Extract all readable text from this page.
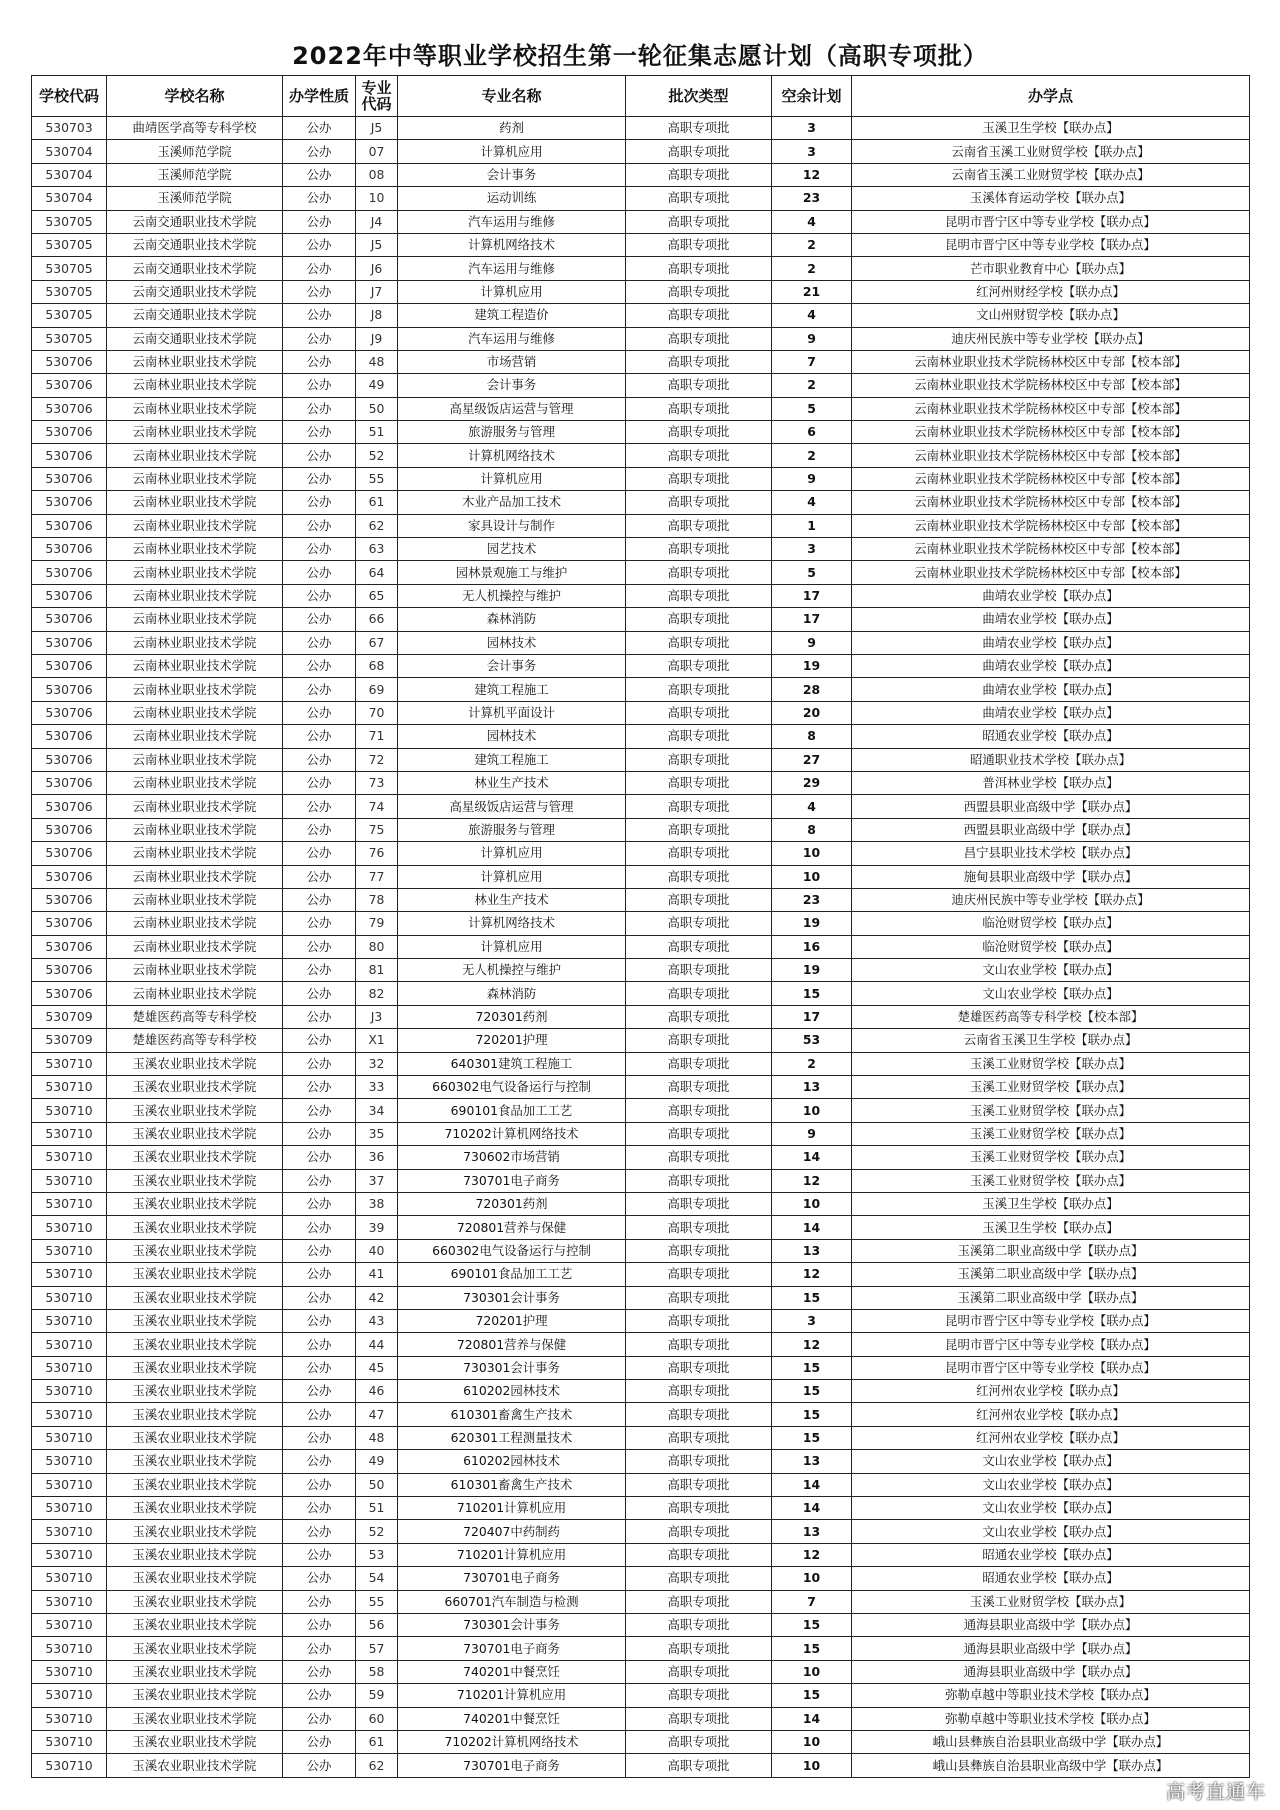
2022年中等职业学校招生第一轮征集志愿计划（高职专项批）
学校代码	学校名称	办学性质	专业
代码	专业名称	批次类型	空余计划	办学点
530703	曲靖医学高等专科学校	公办	J5	药剂	高职专项批	3	玉溪卫生学校【联办点】
530704	玉溪师范学院	公办	07	计算机应用	高职专项批	3	云南省玉溪工业财贸学校【联办点】
530704	玉溪师范学院	公办	08	会计事务	高职专项批	12	云南省玉溪工业财贸学校【联办点】
530704	玉溪师范学院	公办	10	运动训练	高职专项批	23	玉溪体育运动学校【联办点】
530705	云南交通职业技术学院	公办	J4	汽车运用与维修	高职专项批	4	昆明市晋宁区中等专业学校【联办点】
530705	云南交通职业技术学院	公办	J5	计算机网络技术	高职专项批	2	昆明市晋宁区中等专业学校【联办点】
530705	云南交通职业技术学院	公办	J6	汽车运用与维修	高职专项批	2	芒市职业教育中心【联办点】
530705	云南交通职业技术学院	公办	J7	计算机应用	高职专项批	21	红河州财经学校【联办点】
530705	云南交通职业技术学院	公办	J8	建筑工程造价	高职专项批	4	文山州财贸学校【联办点】
530705	云南交通职业技术学院	公办	J9	汽车运用与维修	高职专项批	9	迪庆州民族中等专业学校【联办点】
530706	云南林业职业技术学院	公办	48	市场营销	高职专项批	7	云南林业职业技术学院杨林校区中专部【校本部】
530706	云南林业职业技术学院	公办	49	会计事务	高职专项批	2	云南林业职业技术学院杨林校区中专部【校本部】
530706	云南林业职业技术学院	公办	50	高星级饭店运营与管理	高职专项批	5	云南林业职业技术学院杨林校区中专部【校本部】
530706	云南林业职业技术学院	公办	51	旅游服务与管理	高职专项批	6	云南林业职业技术学院杨林校区中专部【校本部】
530706	云南林业职业技术学院	公办	52	计算机网络技术	高职专项批	2	云南林业职业技术学院杨林校区中专部【校本部】
530706	云南林业职业技术学院	公办	55	计算机应用	高职专项批	9	云南林业职业技术学院杨林校区中专部【校本部】
530706	云南林业职业技术学院	公办	61	木业产品加工技术	高职专项批	4	云南林业职业技术学院杨林校区中专部【校本部】
530706	云南林业职业技术学院	公办	62	家具设计与制作	高职专项批	1	云南林业职业技术学院杨林校区中专部【校本部】
530706	云南林业职业技术学院	公办	63	园艺技术	高职专项批	3	云南林业职业技术学院杨林校区中专部【校本部】
530706	云南林业职业技术学院	公办	64	园林景观施工与维护	高职专项批	5	云南林业职业技术学院杨林校区中专部【校本部】
530706	云南林业职业技术学院	公办	65	无人机操控与维护	高职专项批	17	曲靖农业学校【联办点】
530706	云南林业职业技术学院	公办	66	森林消防	高职专项批	17	曲靖农业学校【联办点】
530706	云南林业职业技术学院	公办	67	园林技术	高职专项批	9	曲靖农业学校【联办点】
530706	云南林业职业技术学院	公办	68	会计事务	高职专项批	19	曲靖农业学校【联办点】
530706	云南林业职业技术学院	公办	69	建筑工程施工	高职专项批	28	曲靖农业学校【联办点】
530706	云南林业职业技术学院	公办	70	计算机平面设计	高职专项批	20	曲靖农业学校【联办点】
530706	云南林业职业技术学院	公办	71	园林技术	高职专项批	8	昭通农业学校【联办点】
530706	云南林业职业技术学院	公办	72	建筑工程施工	高职专项批	27	昭通职业技术学校【联办点】
530706	云南林业职业技术学院	公办	73	林业生产技术	高职专项批	29	普洱林业学校【联办点】
530706	云南林业职业技术学院	公办	74	高星级饭店运营与管理	高职专项批	4	西盟县职业高级中学【联办点】
530706	云南林业职业技术学院	公办	75	旅游服务与管理	高职专项批	8	西盟县职业高级中学【联办点】
530706	云南林业职业技术学院	公办	76	计算机应用	高职专项批	10	昌宁县职业技术学校【联办点】
530706	云南林业职业技术学院	公办	77	计算机应用	高职专项批	10	施甸县职业高级中学【联办点】
530706	云南林业职业技术学院	公办	78	林业生产技术	高职专项批	23	迪庆州民族中等专业学校【联办点】
530706	云南林业职业技术学院	公办	79	计算机网络技术	高职专项批	19	临沧财贸学校【联办点】
530706	云南林业职业技术学院	公办	80	计算机应用	高职专项批	16	临沧财贸学校【联办点】
530706	云南林业职业技术学院	公办	81	无人机操控与维护	高职专项批	19	文山农业学校【联办点】
530706	云南林业职业技术学院	公办	82	森林消防	高职专项批	15	文山农业学校【联办点】
530709	楚雄医药高等专科学校	公办	J3	720301药剂	高职专项批	17	楚雄医药高等专科学校【校本部】
530709	楚雄医药高等专科学校	公办	X1	720201护理	高职专项批	53	云南省玉溪卫生学校【联办点】
530710	玉溪农业职业技术学院	公办	32	640301建筑工程施工	高职专项批	2	玉溪工业财贸学校【联办点】
530710	玉溪农业职业技术学院	公办	33	660302电气设备运行与控制	高职专项批	13	玉溪工业财贸学校【联办点】
530710	玉溪农业职业技术学院	公办	34	690101食品加工工艺	高职专项批	10	玉溪工业财贸学校【联办点】
530710	玉溪农业职业技术学院	公办	35	710202计算机网络技术	高职专项批	9	玉溪工业财贸学校【联办点】
530710	玉溪农业职业技术学院	公办	36	730602市场营销	高职专项批	14	玉溪工业财贸学校【联办点】
530710	玉溪农业职业技术学院	公办	37	730701电子商务	高职专项批	12	玉溪工业财贸学校【联办点】
530710	玉溪农业职业技术学院	公办	38	720301药剂	高职专项批	10	玉溪卫生学校【联办点】
530710	玉溪农业职业技术学院	公办	39	720801营养与保健	高职专项批	14	玉溪卫生学校【联办点】
530710	玉溪农业职业技术学院	公办	40	660302电气设备运行与控制	高职专项批	13	玉溪第二职业高级中学【联办点】
530710	玉溪农业职业技术学院	公办	41	690101食品加工工艺	高职专项批	12	玉溪第二职业高级中学【联办点】
530710	玉溪农业职业技术学院	公办	42	730301会计事务	高职专项批	15	玉溪第二职业高级中学【联办点】
530710	玉溪农业职业技术学院	公办	43	720201护理	高职专项批	3	昆明市晋宁区中等专业学校【联办点】
530710	玉溪农业职业技术学院	公办	44	720801营养与保健	高职专项批	12	昆明市晋宁区中等专业学校【联办点】
530710	玉溪农业职业技术学院	公办	45	730301会计事务	高职专项批	15	昆明市晋宁区中等专业学校【联办点】
530710	玉溪农业职业技术学院	公办	46	610202园林技术	高职专项批	15	红河州农业学校【联办点】
530710	玉溪农业职业技术学院	公办	47	610301畜禽生产技术	高职专项批	15	红河州农业学校【联办点】
530710	玉溪农业职业技术学院	公办	48	620301工程测量技术	高职专项批	15	红河州农业学校【联办点】
530710	玉溪农业职业技术学院	公办	49	610202园林技术	高职专项批	13	文山农业学校【联办点】
530710	玉溪农业职业技术学院	公办	50	610301畜禽生产技术	高职专项批	14	文山农业学校【联办点】
530710	玉溪农业职业技术学院	公办	51	710201计算机应用	高职专项批	14	文山农业学校【联办点】
530710	玉溪农业职业技术学院	公办	52	720407中药制药	高职专项批	13	文山农业学校【联办点】
530710	玉溪农业职业技术学院	公办	53	710201计算机应用	高职专项批	12	昭通农业学校【联办点】
530710	玉溪农业职业技术学院	公办	54	730701电子商务	高职专项批	10	昭通农业学校【联办点】
530710	玉溪农业职业技术学院	公办	55	660701汽车制造与检测	高职专项批	7	玉溪工业财贸学校【联办点】
530710	玉溪农业职业技术学院	公办	56	730301会计事务	高职专项批	15	通海县职业高级中学【联办点】
530710	玉溪农业职业技术学院	公办	57	730701电子商务	高职专项批	15	通海县职业高级中学【联办点】
530710	玉溪农业职业技术学院	公办	58	740201中餐烹饪	高职专项批	10	通海县职业高级中学【联办点】
530710	玉溪农业职业技术学院	公办	59	710201计算机应用	高职专项批	15	弥勒卓越中等职业技术学校【联办点】
530710	玉溪农业职业技术学院	公办	60	740201中餐烹饪	高职专项批	14	弥勒卓越中等职业技术学校【联办点】
530710	玉溪农业职业技术学院	公办	61	710202计算机网络技术	高职专项批	10	峨山县彝族自治县职业高级中学【联办点】
530710	玉溪农业职业技术学院	公办	62	730701电子商务	高职专项批	10	峨山县彝族自治县职业高级中学【联办点】
高考直通车
